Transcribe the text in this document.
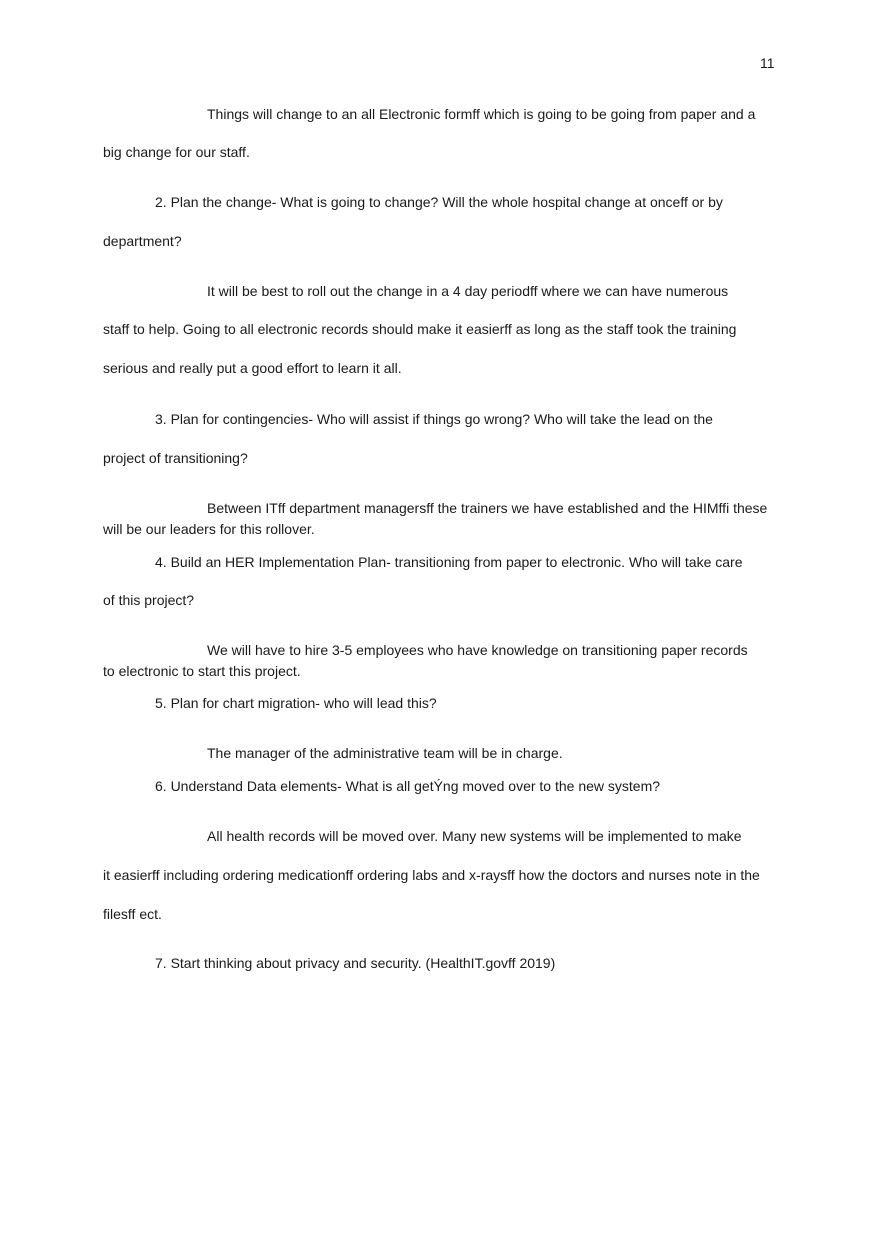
11
Things will change to an all Electronic formff which is going to be going from paper and a
big change for our staff.
2. Plan the change- What is going to change? Will the whole hospital change at onceff or by
department?
It will be best to roll out the change in a 4 day periodff where we can have numerous
staff to help. Going to all electronic records should make it easierff as long as the staff took the training
serious and really put a good effort to learn it all.
3. Plan for contingencies- Who will assist if things go wrong? Who will take the lead on the
project of transitioning?
Between ITff department managersff the trainers we have established and the HIMffi these
will be our leaders for this rollover.
4. Build an HER Implementation Plan- transitioning from paper to electronic. Who will take care
of this project?
We will have to hire 3-5 employees who have knowledge on transitioning paper records
to electronic to start this project.
5. Plan for chart migration- who will lead this?
The manager of the administrative team will be in charge.
6. Understand Data elements- What is all getÝng moved over to the new system?
All health records will be moved over. Many new systems will be implemented to make
it easierff including ordering medicationff ordering labs and x-raysff how the doctors and nurses note in the
filesff ect.
7. Start thinking about privacy and security. (HealthIT.govff 2019)
